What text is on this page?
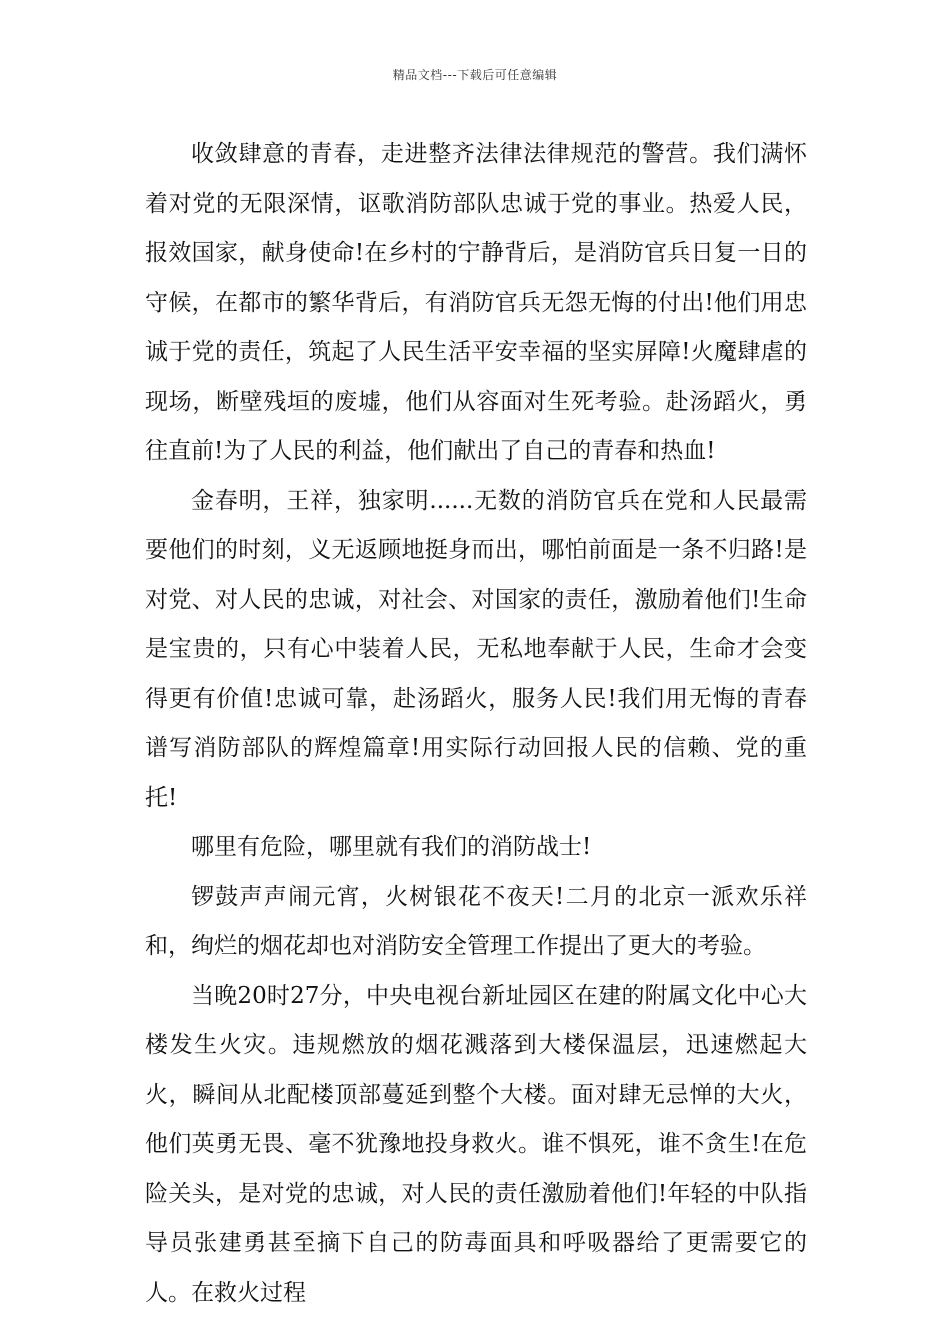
精品文档---下载后可任意编辑

收敛肆意的青春，走进整齐法律法律规范的警营。我们满怀着对党的无限深情，讴歌消防部队忠诚于党的事业。热爱人民，报效国家，献身使命!在乡村的宁静背后，是消防官兵日复一日的守候，在都市的繁华背后，有消防官兵无怨无悔的付出!他们用忠诚于党的责任，筑起了人民生活平安幸福的坚实屏障!火魔肆虐的现场，断壁残垣的废墟，他们从容面对生死考验。赴汤蹈火，勇往直前!为了人民的利益，他们献出了自己的青春和热血!

金春明，王祥，独家明......无数的消防官兵在党和人民最需要他们的时刻，义无返顾地挺身而出，哪怕前面是一条不归路!是对党、对人民的忠诚，对社会、对国家的责任，激励着他们!生命是宝贵的，只有心中装着人民，无私地奉献于人民，生命才会变得更有价值!忠诚可靠，赴汤蹈火，服务人民!我们用无悔的青春谱写消防部队的辉煌篇章!用实际行动回报人民的信赖、党的重托!

哪里有危险，哪里就有我们的消防战士!

锣鼓声声闹元宵，火树银花不夜天!二月的北京一派欢乐祥和，绚烂的烟花却也对消防安全管理工作提出了更大的考验。

当晚20时27分，中央电视台新址园区在建的附属文化中心大楼发生火灾。违规燃放的烟花溅落到大楼保温层，迅速燃起大火，瞬间从北配楼顶部蔓延到整个大楼。面对肆无忌惮的大火，他们英勇无畏、毫不犹豫地投身救火。谁不惧死，谁不贪生!在危险关头，是对党的忠诚，对人民的责任激励着他们!年轻的中队指导员张建勇甚至摘下自己的防毒面具和呼吸器给了更需要它的人。在救火过程
